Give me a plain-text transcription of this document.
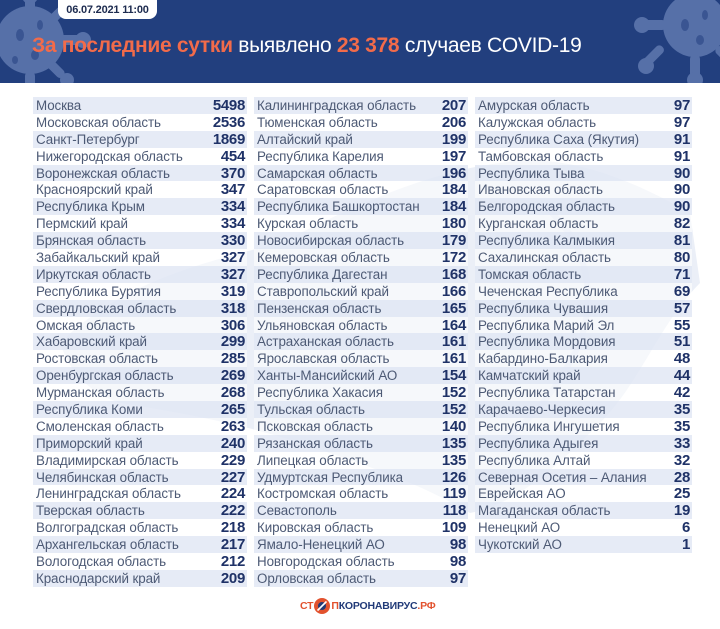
06.07.2021 11:00
За последние сутки выявлено 23 378 случаев COVID-19
Москва	5498
Московская область	2536
Санкт-Петербург	1869
Нижегородская область	454
Воронежская область	370
Красноярский край	347
Республика Крым	334
Пермский край	334
Брянская область	330
Забайкальский край	327
Иркутская область	327
Республика Бурятия	319
Свердловская область	318
Омская область	306
Хабаровский край	299
Ростовская область	285
Оренбургская область	269
Мурманская область	268
Республика Коми	265
Смоленская область	263
Приморский край	240
Владимирская область	229
Челябинская область	227
Ленинградская область	224
Тверская область	222
Волгоградская область	218
Архангельская область	217
Вологодская область	212
Краснодарский край	209
Калининградская область 207
Тюменская область	206
Алтайский край	199
Республика Карелия	197
Самарская область	196
Саратовская область	184
Республика Башкортостан 184
Курская область	180
Новосибирская область	179
Кемеровская область	172
Республика Дагестан	168
Ставропольский край	166
Пензенская область	165
Ульяновская область	164
Астраханская область	161
Ярославская область	161
Ханты-Мансийский АО	154
Республика Хакасия	152
Тульская область	152
Псковская область	140
Рязанская область	135
Липецкая область	135
Удмуртская Республика	126
Костромская область	119
Севастополь	118
Кировская область	109
Ямало-Ненецкий АО	98
Новгородская область	98
Орловская область	97
Амурская область	97
Калужская область	97
Республика Саха (Якутия) 91
Тамбовская область	91
Республика Тыва	90
Ивановская область	90
Белгородская область	90
Курганская область	82
Республика Калмыкия	81
Сахалинская область	80
Томская область	71
Чеченская Республика	69
Республика Чувашия	57
Республика Марий Эл	55
Республика Мордовия	51
Кабардино-Балкария	48
Камчатский край	44
Республика Татарстан	42
Карачаево-Черкесия	35
Республика Ингушетия	35
Республика Адыгея	33
Республика Алтай	32
Северная Осетия – Алания 28
Еврейская АО	25
Магаданская область	19
Ненецкий АО	6
Чукотский АО	1
СТ П КОРОНАВИРУС .РФ
